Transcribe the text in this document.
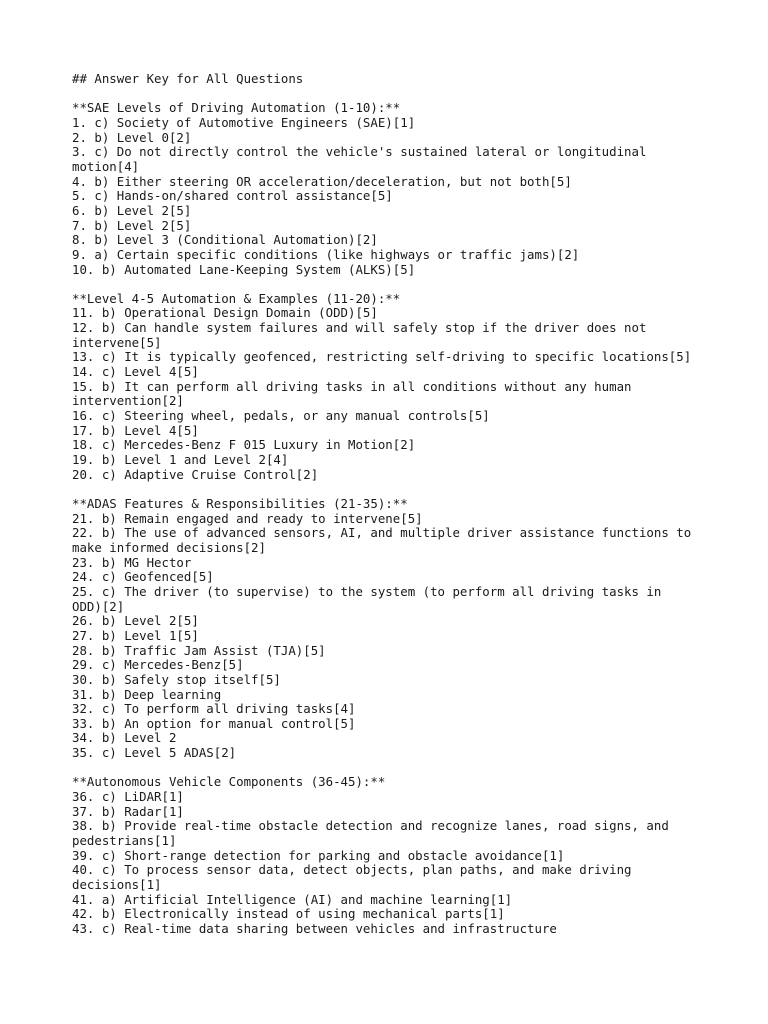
## Answer Key for All Questions
**SAE Levels of Driving Automation (1-10):**
1. c) Society of Automotive Engineers (SAE)[1]
2. b) Level 0[2]
3. c) Do not directly control the vehicle's sustained lateral or longitudinal
motion[4]
4. b) Either steering OR acceleration/deceleration, but not both[5]
5. c) Hands-on/shared control assistance[5]
6. b) Level 2[5]
7. b) Level 2[5]
8. b) Level 3 (Conditional Automation)[2]
9. a) Certain specific conditions (like highways or traffic jams)[2]
10. b) Automated Lane-Keeping System (ALKS)[5]
**Level 4-5 Automation & Examples (11-20):**
11. b) Operational Design Domain (ODD)[5]
12. b) Can handle system failures and will safely stop if the driver does not
intervene[5]
13. c) It is typically geofenced, restricting self-driving to specific locations[5]
14. c) Level 4[5]
15. b) It can perform all driving tasks in all conditions without any human
intervention[2]
16. c) Steering wheel, pedals, or any manual controls[5]
17. b) Level 4[5]
18. c) Mercedes-Benz F 015 Luxury in Motion[2]
19. b) Level 1 and Level 2[4]
20. c) Adaptive Cruise Control[2]
**ADAS Features & Responsibilities (21-35):**
21. b) Remain engaged and ready to intervene[5]
22. b) The use of advanced sensors, AI, and multiple driver assistance functions to
make informed decisions[2]
23. b) MG Hector
24. c) Geofenced[5]
25. c) The driver (to supervise) to the system (to perform all driving tasks in
ODD)[2]
26. b) Level 2[5]
27. b) Level 1[5]
28. b) Traffic Jam Assist (TJA)[5]
29. c) Mercedes-Benz[5]
30. b) Safely stop itself[5]
31. b) Deep learning
32. c) To perform all driving tasks[4]
33. b) An option for manual control[5]
34. b) Level 2
35. c) Level 5 ADAS[2]
**Autonomous Vehicle Components (36-45):**
36. c) LiDAR[1]
37. b) Radar[1]
38. b) Provide real-time obstacle detection and recognize lanes, road signs, and
pedestrians[1]
39. c) Short-range detection for parking and obstacle avoidance[1]
40. c) To process sensor data, detect objects, plan paths, and make driving
decisions[1]
41. a) Artificial Intelligence (AI) and machine learning[1]
42. b) Electronically instead of using mechanical parts[1]
43. c) Real-time data sharing between vehicles and infrastructure
